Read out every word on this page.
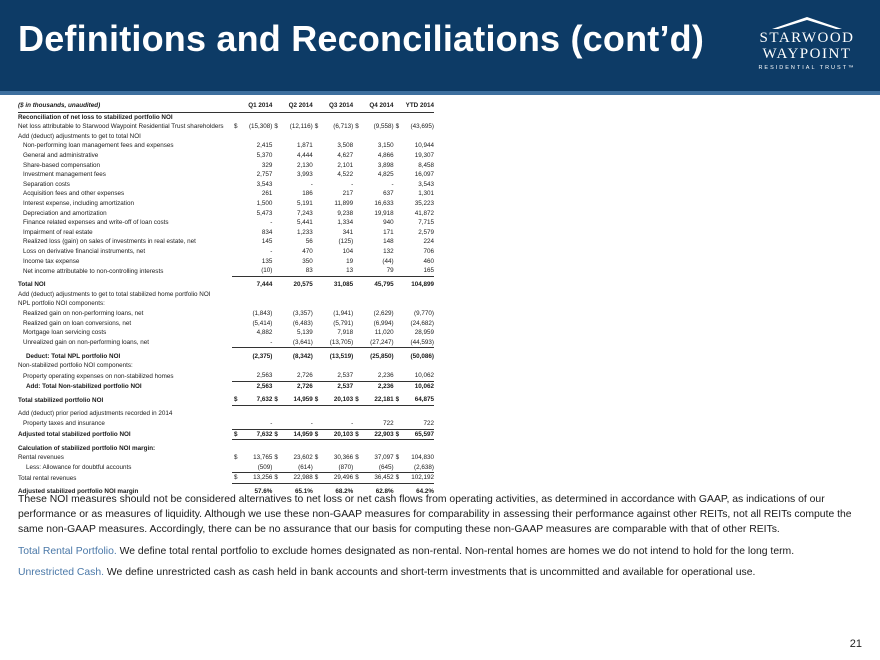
Definitions and Reconciliations (cont’d)	STARWOOD
WAYPOINT
RESIDENTIAL TRUST™
($ in thousands, unaudited)	Q1 2014	Q2 2014	Q3 2014	Q4 2014	YTD 2014
Reconciliation of net loss to stabilized portfolio NOI					
Net loss attributable to Starwood Waypoint Residential Trust shareholders	$ (15,308)	$ (12,116)	$ (6,713)	$ (9,558)	$ (43,695)

Add (deduct) adjustments to get to total NOI					
Non-performing loan management fees and expenses	2,415	1,871	3,508	3,150	10,944

General and administrative	5,370	4,444	4,627	4,866	19,307

Share-based compensation	329	2,130	2,101	3,898	8,458

Investment management fees	2,757	3,993	4,522	4,825	16,097

Separation costs	3,543	-	-	-	3,543

Acquisition fees and other expenses	261	186	217	637	1,301

Interest expense, including amortization	1,500	5,191	11,899	16,633	35,223

Depreciation and amortization	5,473	7,243	9,238	19,918	41,872

Finance related expenses and write-off of loan costs	-	5,441	1,334	940	7,715

Impairment of real estate	834	1,233	341	171	2,579

Realized loss (gain) on sales of investments in real estate, net	145	56	(125)	148	224

Loss on derivative financial instruments, net	-	470	104	132	706

Income tax expense	135	350	19	(44)	460

Net income attributable to non-controlling interests	(10)	83	13	79	165

Total NOI	7,444	20,575	31,085	45,795	104,899

Add (deduct) adjustments to get to total stabilized home portfolio NOI					
NPL portfolio NOI components:					
Realized gain on non-performing loans, net	(1,843)	(3,357)	(1,941)	(2,629)	(9,770)

Realized gain on loan conversions, net	(5,414)	(6,483)	(5,791)	(6,994)	(24,682)

Mortgage loan servicing costs	4,882	5,139	7,918	11,020	28,959

Unrealized gain on non-performing loans, net	-	(3,641)	(13,705)	(27,247)	(44,593)

Deduct: Total NPL portfolio NOI	(2,375)	(8,342)	(13,519)	(25,850)	(50,086)

Non-stabilized portfolio NOI components:					
Property operating expenses on non-stabilized homes	2,563	2,726	2,537	2,236	10,062

Add: Total Non-stabilized portfolio NOI	2,563	2,726	2,537	2,236	10,062

Total stabilized portfolio NOI	$ 7,632	$ 14,959	$ 20,103	$ 22,181	$ 64,875

Add (deduct) prior period adjustments recorded in 2014					
Property taxes and insurance	-	-	-	722	722

Adjusted total stabilized portfolio NOI	$ 7,632	$ 14,959	$ 20,103	$ 22,903	$ 65,597

Calculation of stabilized portfolio NOI margin:					
Rental revenues	$ 13,765	$ 23,602	$ 30,366	$ 37,097	$ 104,830

Less: Allowance for doubtful accounts	(509)	(614)	(870)	(645)	(2,638)

Total rental revenues	$ 13,256	$ 22,988	$ 29,496	$ 36,452	$ 102,192

Adjusted stabilized portfolio NOI margin	57.6%	65.1%	68.2%	62.8%	64.2%

These NOI measures should not be considered alternatives to net loss or net cash flows from operating activities, as determined in accordance with GAAP, as indications of our performance or as measures of liquidity. Although we use these non-GAAP measures for comparability in assessing their performance against other REITs, not all REITs compute the same non-GAAP measures. Accordingly, there can be no assurance that our basis for computing these non-GAAP measures are comparable with that of other REITs.

Total Rental Portfolio. We define total rental portfolio to exclude homes designated as non-rental. Non-rental homes are homes we do not intend to hold for the long term.

Unrestricted Cash. We define unrestricted cash as cash held in bank accounts and short-term investments that is uncommitted and available for operational use.

21
